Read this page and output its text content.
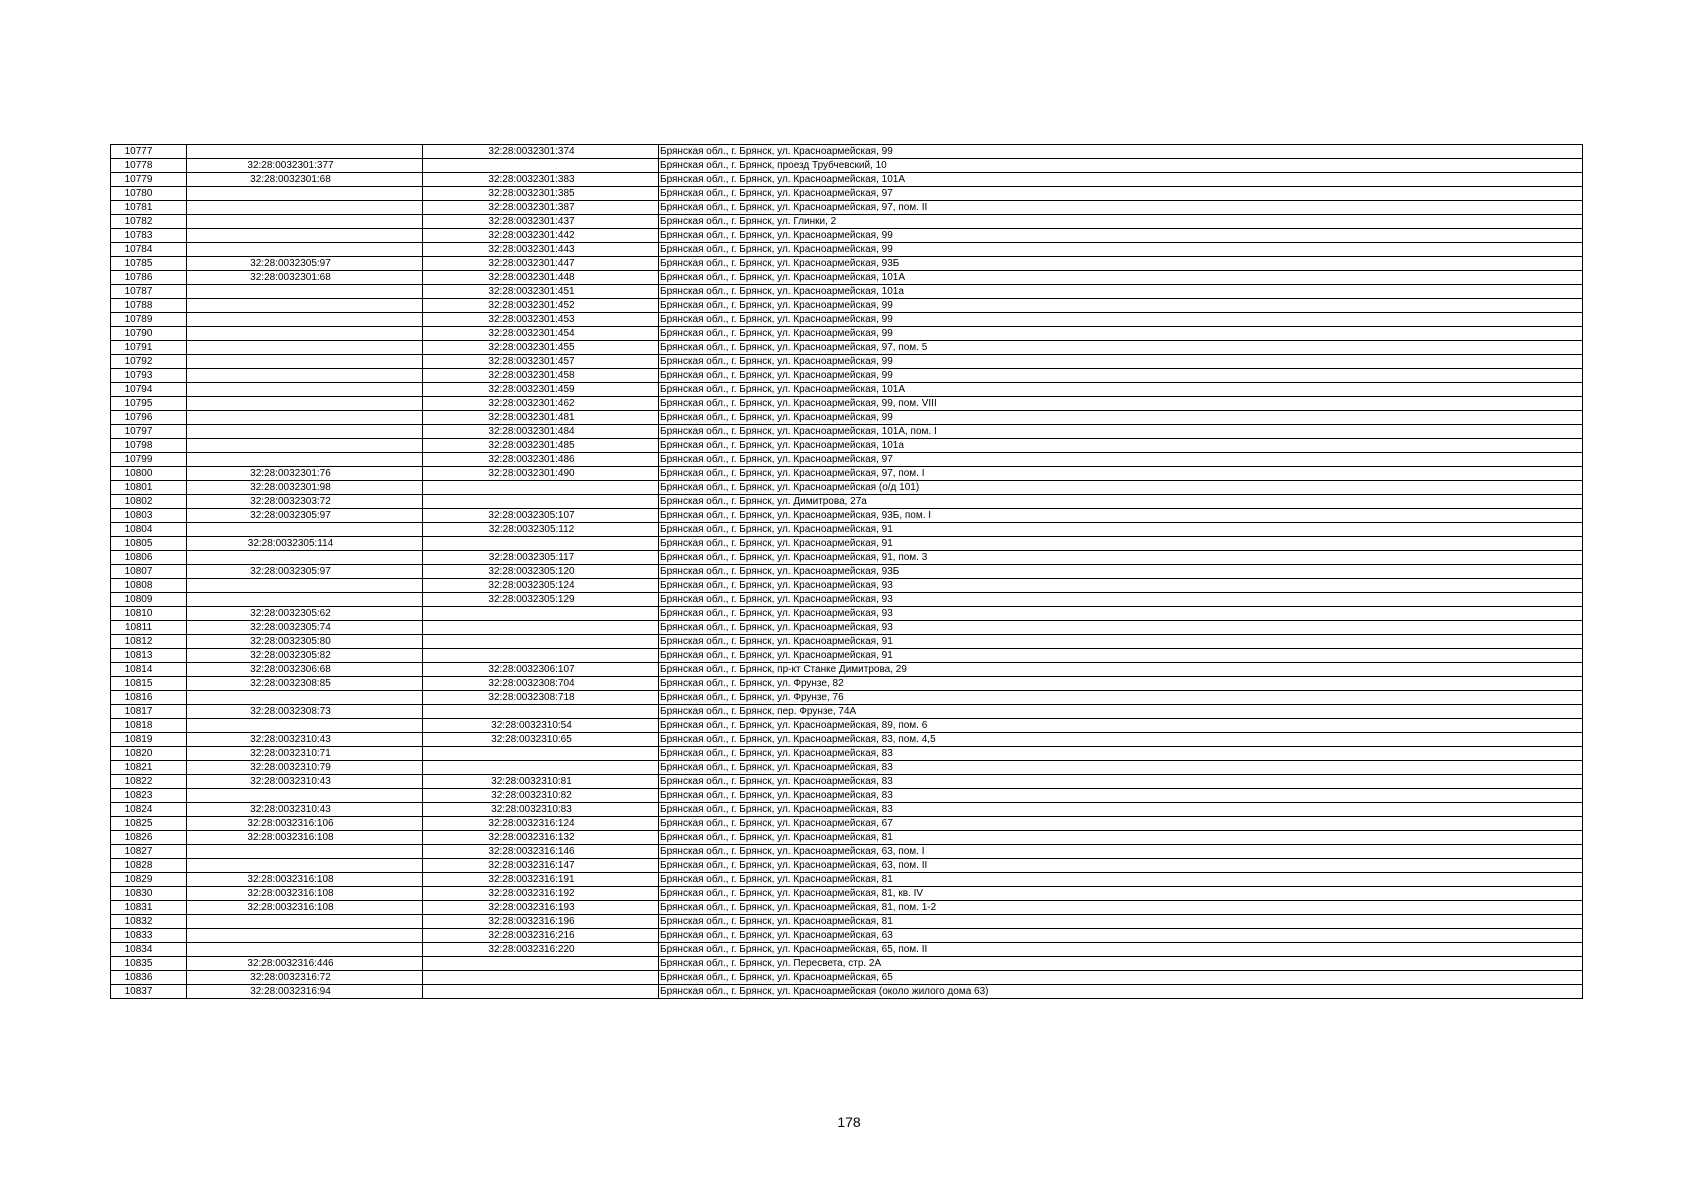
10777		32:28:0032301:374	Брянская обл., г. Брянск, ул. Красноармейская, 99
10778	32:28:0032301:377		Брянская обл., г. Брянск, проезд Трубчевский, 10
10779	32:28:0032301:68	32:28:0032301:383	Брянская обл., г. Брянск, ул. Красноармейская, 101А
10780		32:28:0032301:385	Брянская обл., г. Брянск, ул. Красноармейская, 97
10781		32:28:0032301:387	Брянская обл., г. Брянск, ул. Красноармейская, 97, пом. II
10782		32:28:0032301:437	Брянская обл., г. Брянск, ул. Глинки, 2
10783		32:28:0032301:442	Брянская обл., г. Брянск, ул. Красноармейская, 99
10784		32:28:0032301:443	Брянская обл., г. Брянск, ул. Красноармейская, 99
10785	32:28:0032305:97	32:28:0032301:447	Брянская обл., г. Брянск, ул. Красноармейская, 93Б
10786	32:28:0032301:68	32:28:0032301:448	Брянская обл., г. Брянск, ул. Красноармейская, 101А
10787		32:28:0032301:451	Брянская обл., г. Брянск, ул. Красноармейская, 101а
10788		32:28:0032301:452	Брянская обл., г. Брянск, ул. Красноармейская, 99
10789		32:28:0032301:453	Брянская обл., г. Брянск, ул. Красноармейская, 99
10790		32:28:0032301:454	Брянская обл., г. Брянск, ул. Красноармейская, 99
10791		32:28:0032301:455	Брянская обл., г. Брянск, ул. Красноармейская, 97, пом. 5
10792		32:28:0032301:457	Брянская обл., г. Брянск, ул. Красноармейская, 99
10793		32:28:0032301:458	Брянская обл., г. Брянск, ул. Красноармейская, 99
10794		32:28:0032301:459	Брянская обл., г. Брянск, ул. Красноармейская, 101А
10795		32:28:0032301:462	Брянская обл., г. Брянск, ул. Красноармейская, 99, пом. VIII
10796		32:28:0032301:481	Брянская обл., г. Брянск, ул. Красноармейская, 99
10797		32:28:0032301:484	Брянская обл., г. Брянск, ул. Красноармейская, 101А, пом. I
10798		32:28:0032301:485	Брянская обл., г. Брянск, ул. Красноармейская, 101а
10799		32:28:0032301:486	Брянская обл., г. Брянск, ул. Красноармейская, 97
10800	32:28:0032301:76	32:28:0032301:490	Брянская обл., г. Брянск, ул. Красноармейская, 97, пом. I
10801	32:28:0032301:98		Брянская обл., г. Брянск, ул. Красноармейская (о/д 101)
10802	32:28:0032303:72		Брянская обл., г. Брянск, ул. Димитрова, 27а
10803	32:28:0032305:97	32:28:0032305:107	Брянская обл., г. Брянск, ул. Красноармейская, 93Б, пом. I
10804		32:28:0032305:112	Брянская обл., г. Брянск, ул. Красноармейская, 91
10805	32:28:0032305:114		Брянская обл., г. Брянск, ул. Красноармейская, 91
10806		32:28:0032305:117	Брянская обл., г. Брянск, ул. Красноармейская, 91, пом. 3
10807	32:28:0032305:97	32:28:0032305:120	Брянская обл., г. Брянск, ул. Красноармейская, 93Б
10808		32:28:0032305:124	Брянская обл., г. Брянск, ул. Красноармейская, 93
10809		32:28:0032305:129	Брянская обл., г. Брянск, ул. Красноармейская, 93
10810	32:28:0032305:62		Брянская обл., г. Брянск, ул. Красноармейская, 93
10811	32:28:0032305:74		Брянская обл., г. Брянск, ул. Красноармейская, 93
10812	32:28:0032305:80		Брянская обл., г. Брянск, ул. Красноармейская, 91
10813	32:28:0032305:82		Брянская обл., г. Брянск, ул. Красноармейская, 91
10814	32:28:0032306:68	32:28:0032306:107	Брянская обл., г. Брянск, пр-кт Станке Димитрова, 29
10815	32:28:0032308:85	32:28:0032308:704	Брянская обл., г. Брянск, ул. Фрунзе, 82
10816		32:28:0032308:718	Брянская обл., г. Брянск, ул. Фрунзе, 76
10817	32:28:0032308:73		Брянская обл., г. Брянск, пер. Фрунзе, 74А
10818		32:28:0032310:54	Брянская обл., г. Брянск, ул. Красноармейская, 89, пом. 6
10819	32:28:0032310:43	32:28:0032310:65	Брянская обл., г. Брянск, ул. Красноармейская, 83, пом. 4,5
10820	32:28:0032310:71		Брянская обл., г. Брянск, ул. Красноармейская, 83
10821	32:28:0032310:79		Брянская обл., г. Брянск, ул. Красноармейская, 83
10822	32:28:0032310:43	32:28:0032310:81	Брянская обл., г. Брянск, ул. Красноармейская, 83
10823		32:28:0032310:82	Брянская обл., г. Брянск, ул. Красноармейская, 83
10824	32:28:0032310:43	32:28:0032310:83	Брянская обл., г. Брянск, ул. Красноармейская, 83
10825	32:28:0032316:106	32:28:0032316:124	Брянская обл., г. Брянск, ул. Красноармейская, 67
10826	32:28:0032316:108	32:28:0032316:132	Брянская обл., г. Брянск, ул. Красноармейская, 81
10827		32:28:0032316:146	Брянская обл., г. Брянск, ул. Красноармейская, 63, пом. I
10828		32:28:0032316:147	Брянская обл., г. Брянск, ул. Красноармейская, 63, пом. II
10829	32:28:0032316:108	32:28:0032316:191	Брянская обл., г. Брянск, ул. Красноармейская, 81
10830	32:28:0032316:108	32:28:0032316:192	Брянская обл., г. Брянск, ул. Красноармейская, 81, кв. IV
10831	32:28:0032316:108	32:28:0032316:193	Брянская обл., г. Брянск, ул. Красноармейская, 81, пом. 1-2
10832		32:28:0032316:196	Брянская обл., г. Брянск, ул. Красноармейская, 81
10833		32:28:0032316:216	Брянская обл., г. Брянск, ул. Красноармейская, 63
10834		32:28:0032316:220	Брянская обл., г. Брянск, ул. Красноармейская, 65, пом. II
10835	32:28:0032316:446		Брянская обл., г. Брянск, ул. Пересвета, стр. 2А
10836	32:28:0032316:72		Брянская обл., г. Брянск, ул. Красноармейская, 65
10837	32:28:0032316:94		Брянская обл., г. Брянск, ул. Красноармейская (около жилого дома 63)
178
